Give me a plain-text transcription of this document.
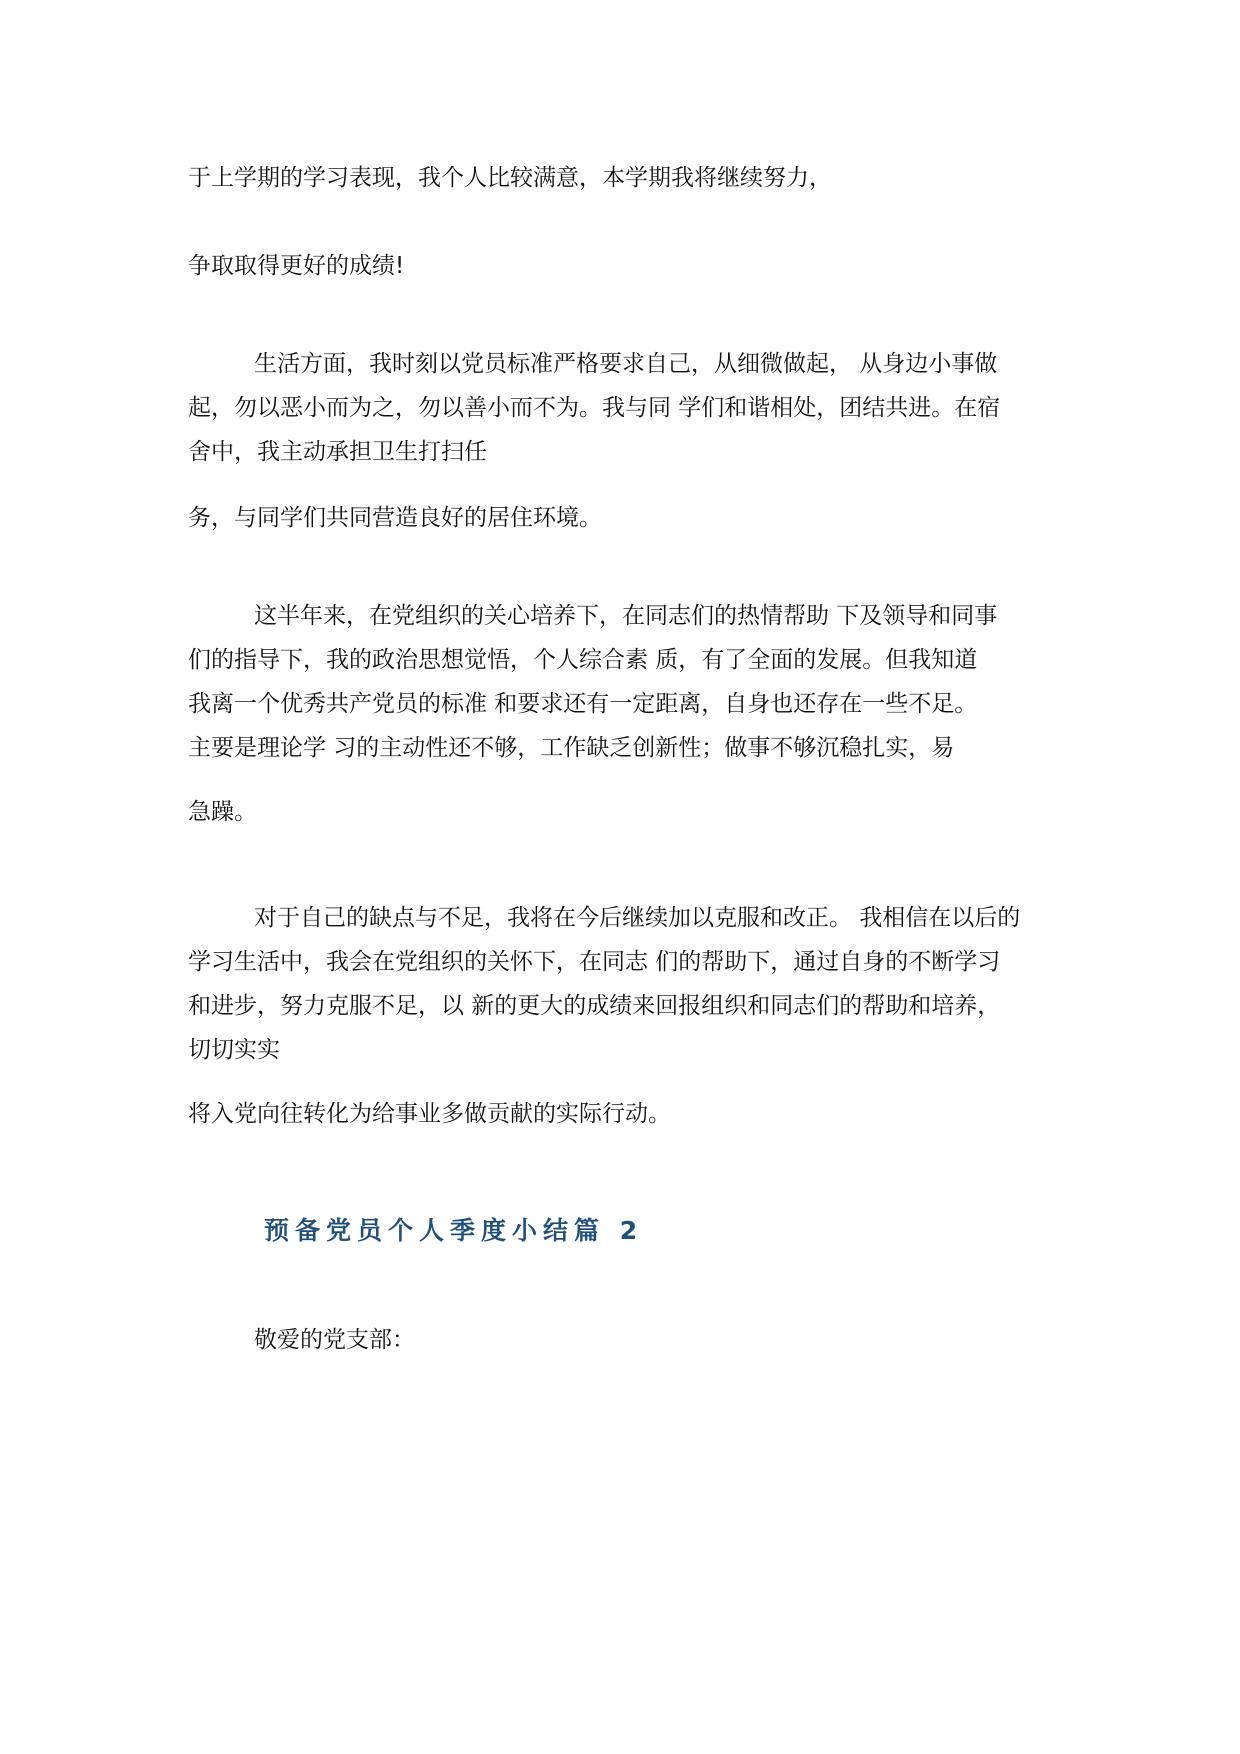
于上学期的学习表现，我个人比较满意，本学期我将继续努力，

争取取得更好的成绩!

生活方面，我时刻以党员标准严格要求自己，从细微做起， 从身边小事做

起，勿以恶小而为之，勿以善小而不为。我与同 学们和谐相处，团结共进。在宿

舍中，我主动承担卫生打扫任

务，与同学们共同营造良好的居住环境。

这半年来，在党组织的关心培养下，在同志们的热情帮助 下及领导和同事

们的指导下，我的政治思想觉悟，个人综合素 质，有了全面的发展。但我知道

我离一个优秀共产党员的标准 和要求还有一定距离，自身也还存在一些不足。

主要是理论学 习的主动性还不够，工作缺乏创新性；做事不够沉稳扎实，易

急躁。

对于自己的缺点与不足，我将在今后继续加以克服和改正。 我相信在以后的

学习生活中，我会在党组织的关怀下，在同志 们的帮助下，通过自身的不断学习

和进步，努力克服不足，以 新的更大的成绩来回报组织和同志们的帮助和培养，

切切实实

将入党向往转化为给事业多做贡献的实际行动。

预备党员个人季度小结篇 2

敬爱的党支部：
